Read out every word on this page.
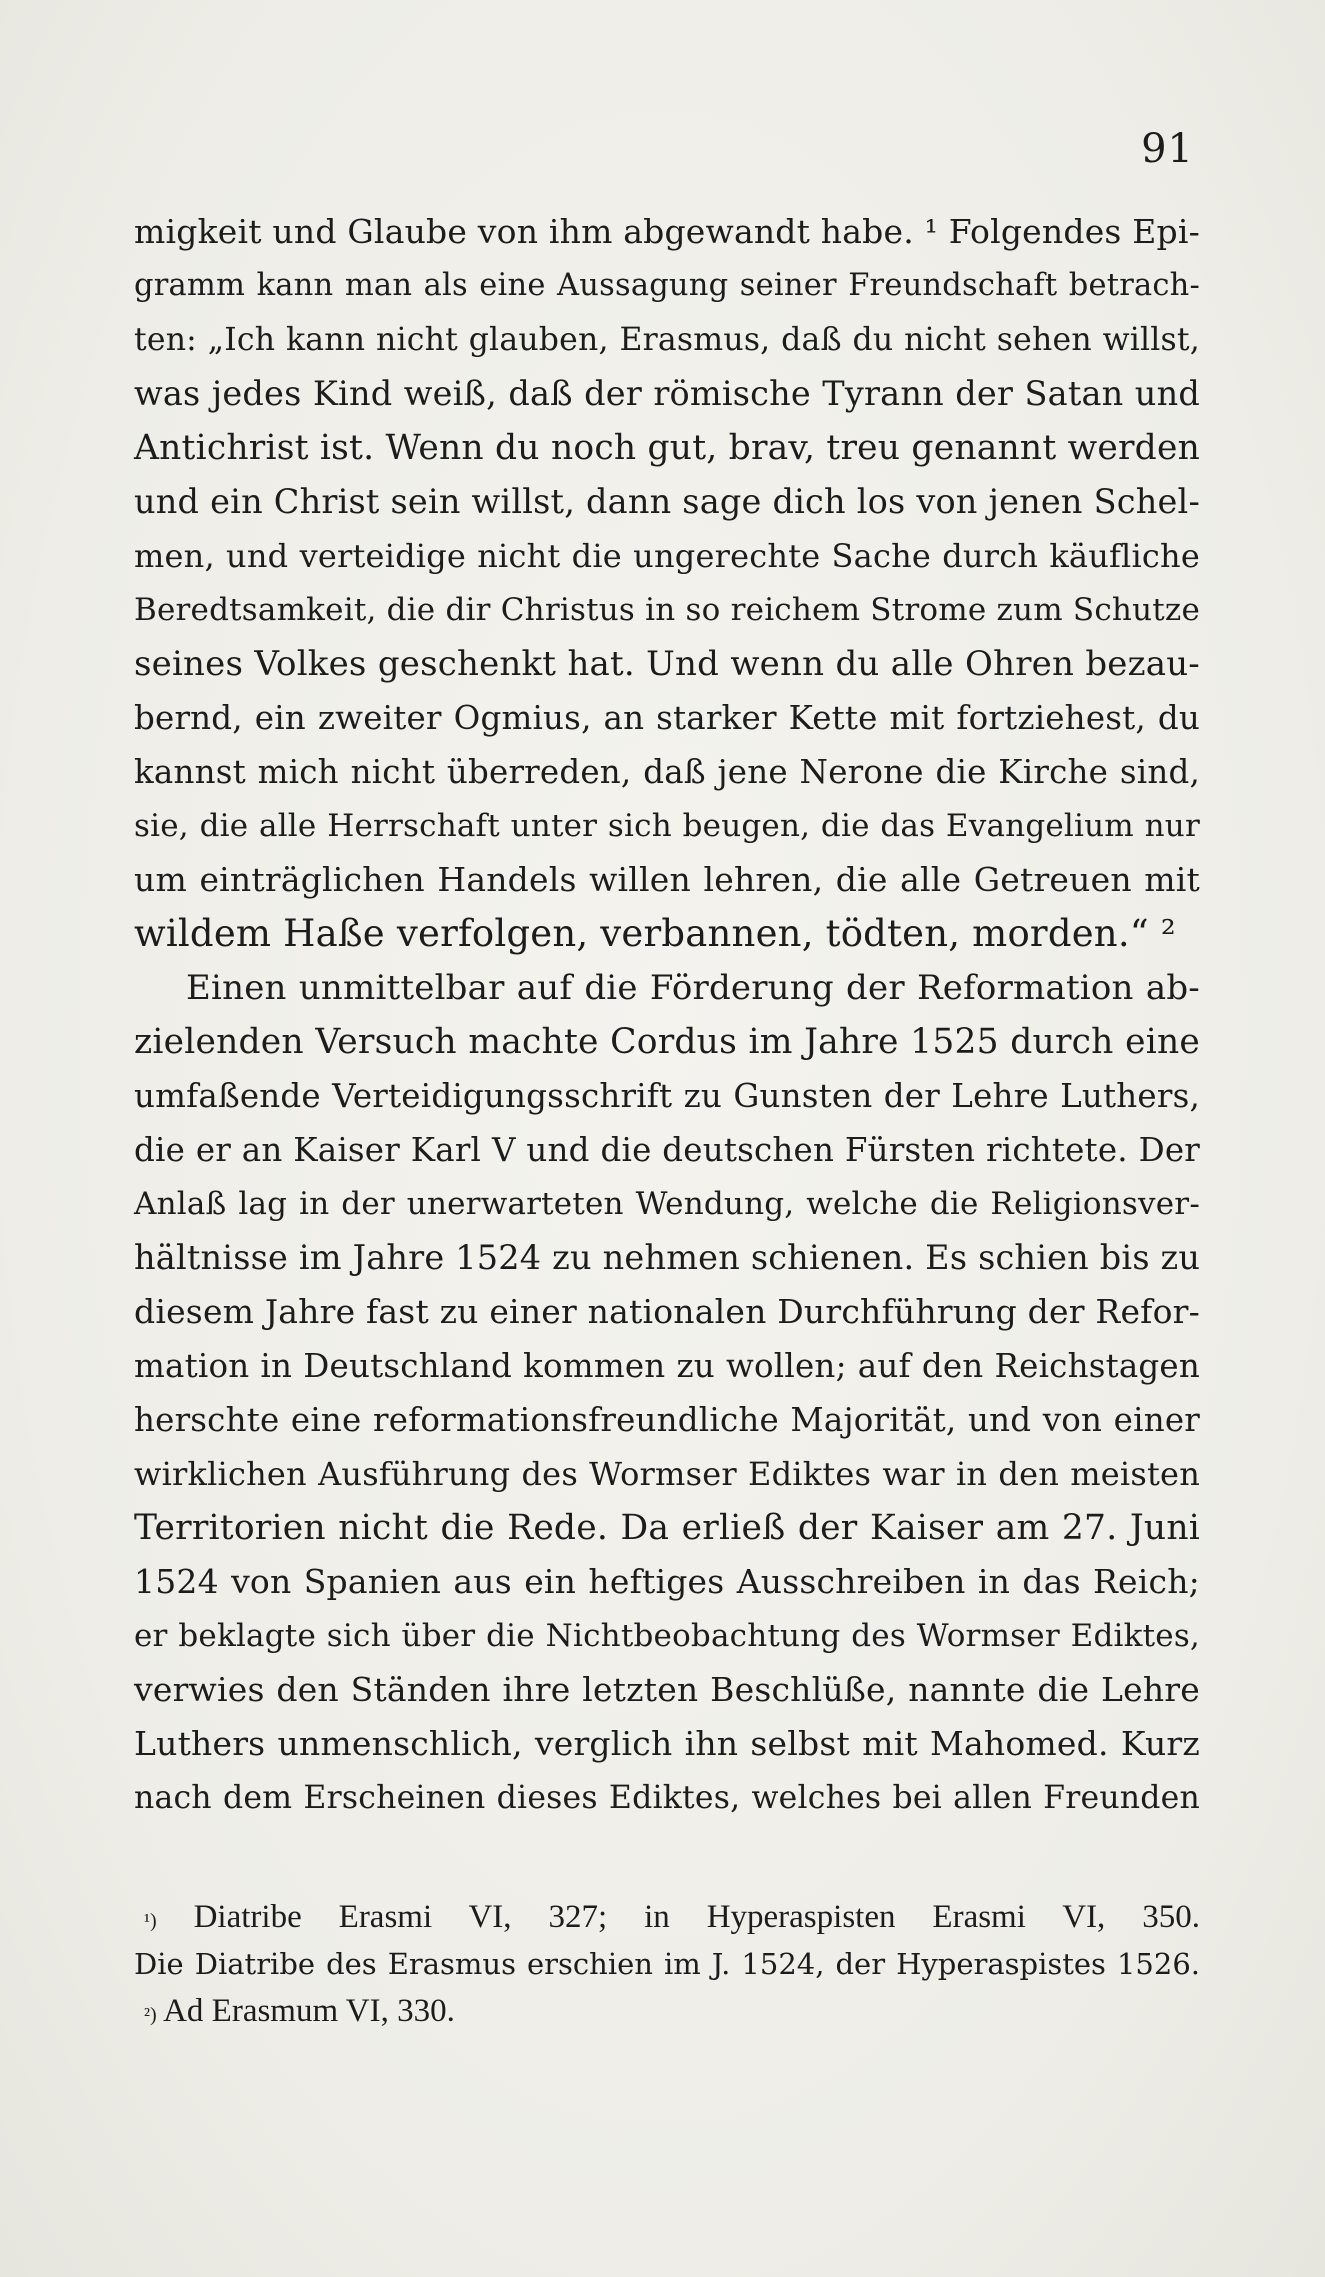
91
migkeit und Glaube von ihm abgewandt habe. ¹ Folgendes Epi-
gramm kann man als eine Aussagung seiner Freundschaft betrach-
ten: „Ich kann nicht glauben, Erasmus, daß du nicht sehen willst,
was jedes Kind weiß, daß der römische Tyrann der Satan und
Antichrist ist. Wenn du noch gut, brav, treu genannt werden
und ein Christ sein willst, dann sage dich los von jenen Schel-
men, und verteidige nicht die ungerechte Sache durch käufliche
Beredtsamkeit, die dir Christus in so reichem Strome zum Schutze
seines Volkes geschenkt hat. Und wenn du alle Ohren bezau-
bernd, ein zweiter Ogmius, an starker Kette mit fortziehest, du
kannst mich nicht überreden, daß jene Nerone die Kirche sind,
sie, die alle Herrschaft unter sich beugen, die das Evangelium nur
um einträglichen Handels willen lehren, die alle Getreuen mit
wildem Haße verfolgen, verbannen, tödten, morden.“ ²
Einen unmittelbar auf die Förderung der Reformation ab-
zielenden Versuch machte Cordus im Jahre 1525 durch eine
umfaßende Verteidigungsschrift zu Gunsten der Lehre Luthers,
die er an Kaiser Karl V und die deutschen Fürsten richtete. Der
Anlaß lag in der unerwarteten Wendung, welche die Religionsver-
hältnisse im Jahre 1524 zu nehmen schienen. Es schien bis zu
diesem Jahre fast zu einer nationalen Durchführung der Refor-
mation in Deutschland kommen zu wollen; auf den Reichstagen
herschte eine reformationsfreundliche Majorität, und von einer
wirklichen Ausführung des Wormser Ediktes war in den meisten
Territorien nicht die Rede. Da erließ der Kaiser am 27. Juni
1524 von Spanien aus ein heftiges Ausschreiben in das Reich;
er beklagte sich über die Nichtbeobachtung des Wormser Ediktes,
verwies den Ständen ihre letzten Beschlüße, nannte die Lehre
Luthers unmenschlich, verglich ihn selbst mit Mahomed. Kurz
nach dem Erscheinen dieses Ediktes, welches bei allen Freunden
$^{^1)}$ Diatribe Erasmi VI, 327; in Hyperaspisten Erasmi VI, 350.
Die Diatribe des Erasmus erschien im J. 1524, der Hyperaspistes 1526.
$^{^2)}$ Ad Erasmum VI, 330.
